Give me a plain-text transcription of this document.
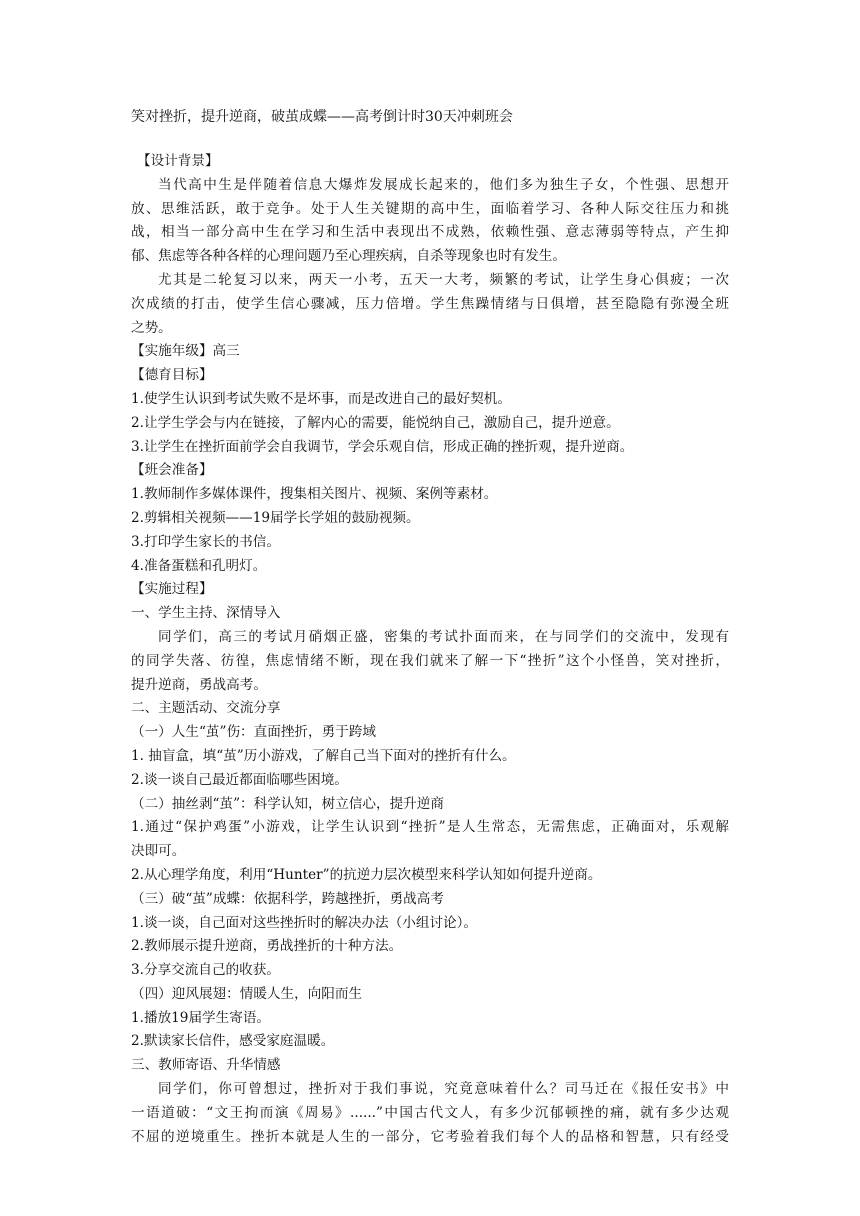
笑对挫折，提升逆商，破茧成蝶——高考倒计时30天冲刺班会
【设计背景】
当代高中生是伴随着信息大爆炸发展成长起来的，他们多为独生子女，个性强、思想开
放、思维活跃，敢于竞争。处于人生关键期的高中生，面临着学习、各种人际交往压力和挑
战，相当一部分高中生在学习和生活中表现出不成熟，依赖性强、意志薄弱等特点，产生抑
郁、焦虑等各种各样的心理问题乃至心理疾病，自杀等现象也时有发生。
尤其是二轮复习以来，两天一小考，五天一大考，频繁的考试，让学生身心俱疲；一次
次成绩的打击，使学生信心骤减，压力倍增。学生焦躁情绪与日俱增，甚至隐隐有弥漫全班
之势。
【实施年级】高三
【德育目标】
1.使学生认识到考试失败不是坏事，而是改进自己的最好契机。
2.让学生学会与内在链接，了解内心的需要，能悦纳自己，激励自己，提升逆意。
3.让学生在挫折面前学会自我调节，学会乐观自信，形成正确的挫折观，提升逆商。
【班会准备】
1.教师制作多媒体课件，搜集相关图片、视频、案例等素材。
2.剪辑相关视频——19届学长学姐的鼓励视频。
3.打印学生家长的书信。
4.准备蛋糕和孔明灯。
【实施过程】
一、学生主持、深情导入
同学们，高三的考试月硝烟正盛，密集的考试扑面而来，在与同学们的交流中，发现有
的同学失落、彷徨，焦虑情绪不断，现在我们就来了解一下“挫折”这个小怪兽，笑对挫折，
提升逆商，勇战高考。
二、主题活动、交流分享
（一）人生“茧”伤：直面挫折，勇于跨域
1. 抽盲盒，填“茧”历小游戏，了解自己当下面对的挫折有什么。
2.谈一谈自己最近都面临哪些困境。
（二）抽丝剥“茧”：科学认知，树立信心，提升逆商
1.通过“保护鸡蛋”小游戏，让学生认识到“挫折”是人生常态，无需焦虑，正确面对，乐观解
决即可。
2.从心理学角度，利用“Hunter”的抗逆力层次模型来科学认知如何提升逆商。
（三）破“茧”成蝶：依据科学，跨越挫折，勇战高考
1.谈一谈，自己面对这些挫折时的解决办法（小组讨论）。
2.教师展示提升逆商，勇战挫折的十种方法。
3.分享交流自己的收获。
（四）迎风展翅：情暖人生，向阳而生
1.播放19届学生寄语。
2.默读家长信件，感受家庭温暖。
三、教师寄语、升华情感
同学们，你可曾想过，挫折对于我们事说，究竟意味着什么？司马迁在《报任安书》中
一语道破：“文王拘而演《周易》......”中国古代文人，有多少沉郁顿挫的痛，就有多少达观
不屈的逆境重生。挫折本就是人生的一部分，它考验着我们每个人的品格和智慧，只有经受
